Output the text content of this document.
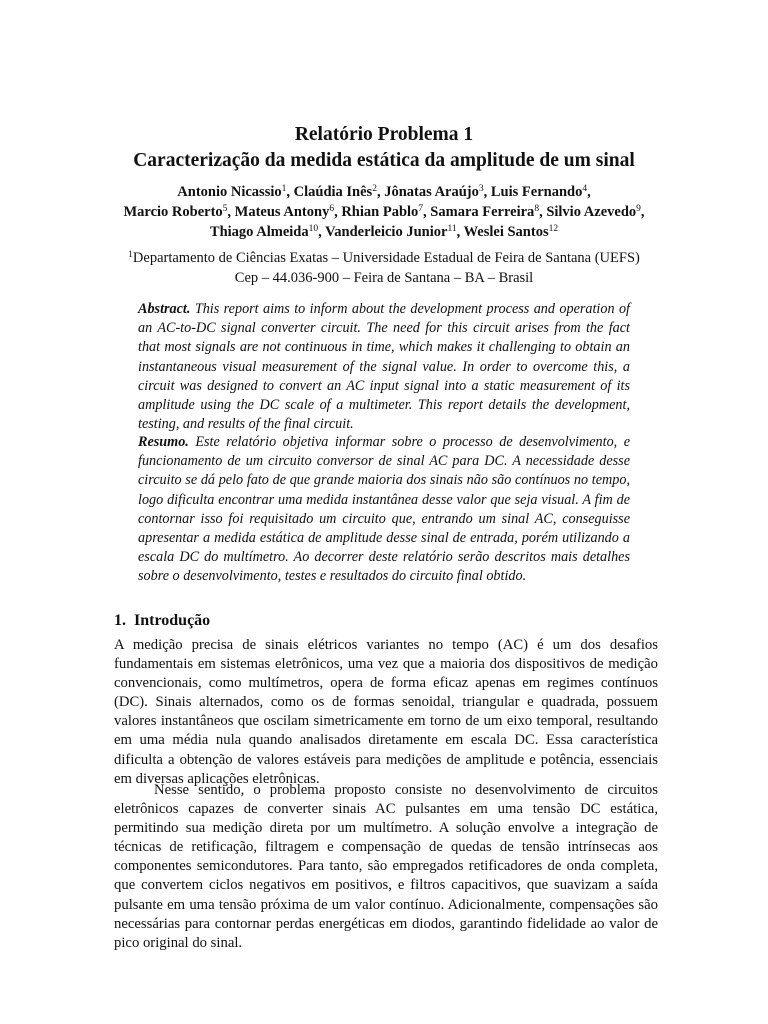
Relatório Problema 1
Caracterização da medida estática da amplitude de um sinal
Antonio Nicassio$^1$, Claúdia Inês$^2$, Jônatas Araújo$^3$, Luis Fernando$^4$,
Marcio Roberto$^5$, Mateus Antony$^6$, Rhian Pablo$^7$, Samara Ferreira$^8$, Silvio Azevedo$^9$,
Thiago Almeida$^{10}$, Vanderleicio Junior$^{11}$, Weslei Santos$^{12}$
$^1$Departamento de Ciências Exatas – Universidade Estadual de Feira de Santana (UEFS)
Cep – 44.036-900 – Feira de Santana – BA – Brasil
Abstract. This report aims to inform about the development process and operation of an AC-to-DC signal converter circuit. The need for this circuit arises from the fact that most signals are not continuous in time, which makes it challenging to obtain an instantaneous visual measurement of the signal value. In order to overcome this, a circuit was designed to convert an AC input signal into a static measurement of its amplitude using the DC scale of a multimeter. This report details the development, testing, and results of the final circuit.
Resumo. Este relatório objetiva informar sobre o processo de desenvolvimento, e funcionamento de um circuito conversor de sinal AC para DC. A necessidade desse circuito se dá pelo fato de que grande maioria dos sinais não são contínuos no tempo, logo dificulta encontrar uma medida instantânea desse valor que seja visual. A fim de contornar isso foi requisitado um circuito que, entrando um sinal AC, conseguisse apresentar a medida estática de amplitude desse sinal de entrada, porém utilizando a escala DC do multímetro. Ao decorrer deste relatório serão descritos mais detalhes sobre o desenvolvimento, testes e resultados do circuito final obtido.
1. Introdução
A medição precisa de sinais elétricos variantes no tempo (AC) é um dos desafios fundamentais em sistemas eletrônicos, uma vez que a maioria dos dispositivos de medição convencionais, como multímetros, opera de forma eficaz apenas em regimes contínuos (DC). Sinais alternados, como os de formas senoidal, triangular e quadrada, possuem valores instantâneos que oscilam simetricamente em torno de um eixo temporal, resultando em uma média nula quando analisados diretamente em escala DC. Essa característica dificulta a obtenção de valores estáveis para medições de amplitude e potência, essenciais em diversas aplicações eletrônicas.
Nesse sentido, o problema proposto consiste no desenvolvimento de circuitos eletrônicos capazes de converter sinais AC pulsantes em uma tensão DC estática, permitindo sua medição direta por um multímetro. A solução envolve a integração de técnicas de retificação, filtragem e compensação de quedas de tensão intrínsecas aos componentes semicondutores. Para tanto, são empregados retificadores de onda completa, que convertem ciclos negativos em positivos, e filtros capacitivos, que suavizam a saída pulsante em uma tensão próxima de um valor contínuo. Adicionalmente, compensações são necessárias para contornar perdas energéticas em diodos, garantindo fidelidade ao valor de pico original do sinal.
